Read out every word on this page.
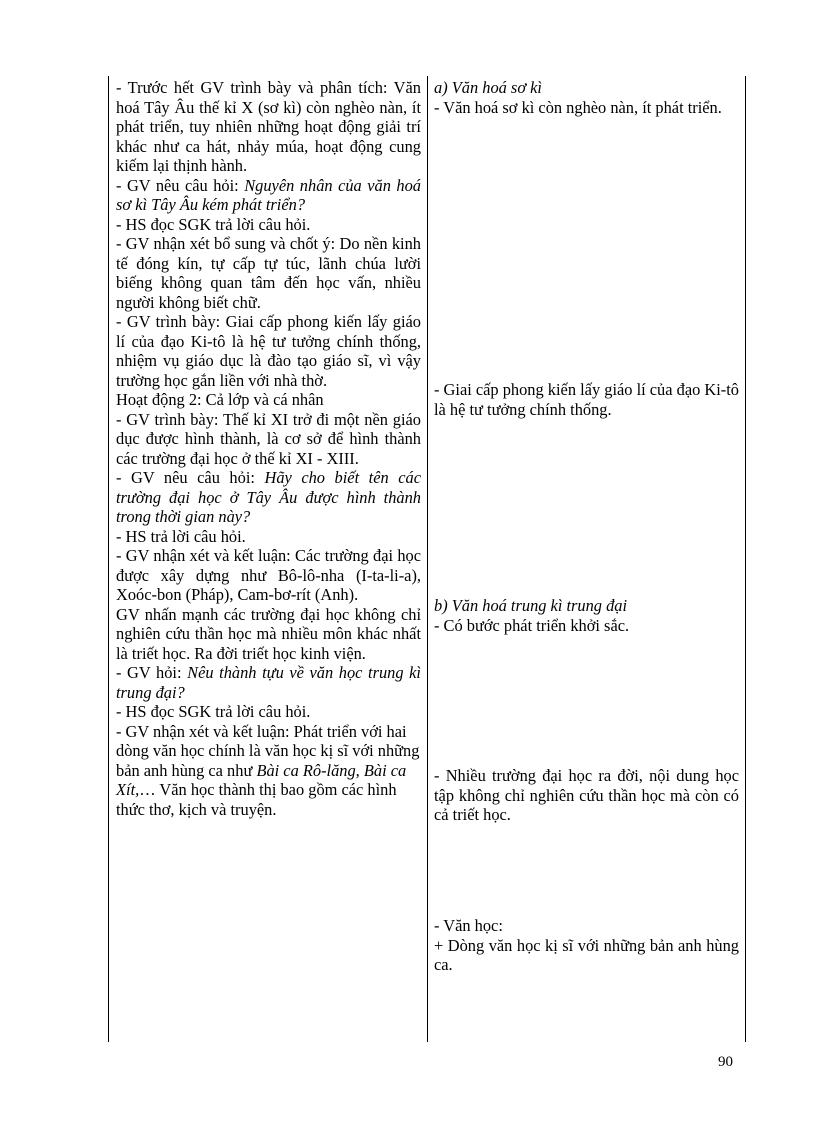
- Trước hết GV trình bày và phân tích: Văn hoá Tây Âu thế kỉ X (sơ kì) còn nghèo nàn, ít phát triển, tuy nhiên những hoạt động giải trí khác như ca hát, nhảy múa, hoạt động cung kiếm lại thịnh hành.

- GV nêu câu hỏi: Nguyên nhân của văn hoá sơ kì Tây Âu kém phát triển?

- HS đọc SGK trả lời câu hỏi.

- GV nhận xét bổ sung và chốt ý: Do nền kinh tế đóng kín, tự cấp tự túc, lãnh chúa lười biếng không quan tâm đến học vấn, nhiều người không biết chữ.

- GV trình bày: Giai cấp phong kiến lấy giáo lí của đạo Ki-tô là hệ tư tưởng chính thống, nhiệm vụ giáo dục là đào tạo giáo sĩ, vì vậy trường học gắn liền với nhà thờ.

Hoạt động 2: Cả lớp và cá nhân

- GV trình bày: Thế kỉ XI trở đi một nền giáo dục được hình thành, là cơ sở để hình thành các trường đại học ở thế kỉ XI - XIII.

- GV nêu câu hỏi: Hãy cho biết tên các trường đại học ở Tây Âu được hình thành trong thời gian này?

- HS trả lời câu hỏi.

- GV nhận xét và kết luận: Các trường đại học được xây dựng như Bô-lô-nha (I-ta-li-a), Xoóc-bon (Pháp), Cam-bơ-rít (Anh).

GV nhấn mạnh các trường đại học không chỉ nghiên cứu thần học mà nhiều môn khác nhất là triết học. Ra đời triết học kinh viện.

- GV hỏi: Nêu thành tựu về văn học trung kì trung đại?

- HS đọc SGK trả lời câu hỏi.

- GV nhận xét và kết luận: Phát triển với hai dòng văn học chính là văn học kị sĩ với những bản anh hùng ca như Bài ca Rô-lăng, Bài ca Xít,… Văn học thành thị bao gồm các hình thức thơ, kịch và truyện.

a) Văn hoá sơ kì

- Văn hoá sơ kì còn nghèo nàn, ít phát triển.

- Giai cấp phong kiến lấy giáo lí của đạo Ki-tô là hệ tư tưởng chính thống.

b) Văn hoá trung kì trung đại

- Có bước phát triển khởi sắc.

- Nhiều trường đại học ra đời, nội dung học tập không chỉ nghiên cứu thần học mà còn có cả triết học.

- Văn học:

+ Dòng văn học kị sĩ với những bản anh hùng ca.

90
